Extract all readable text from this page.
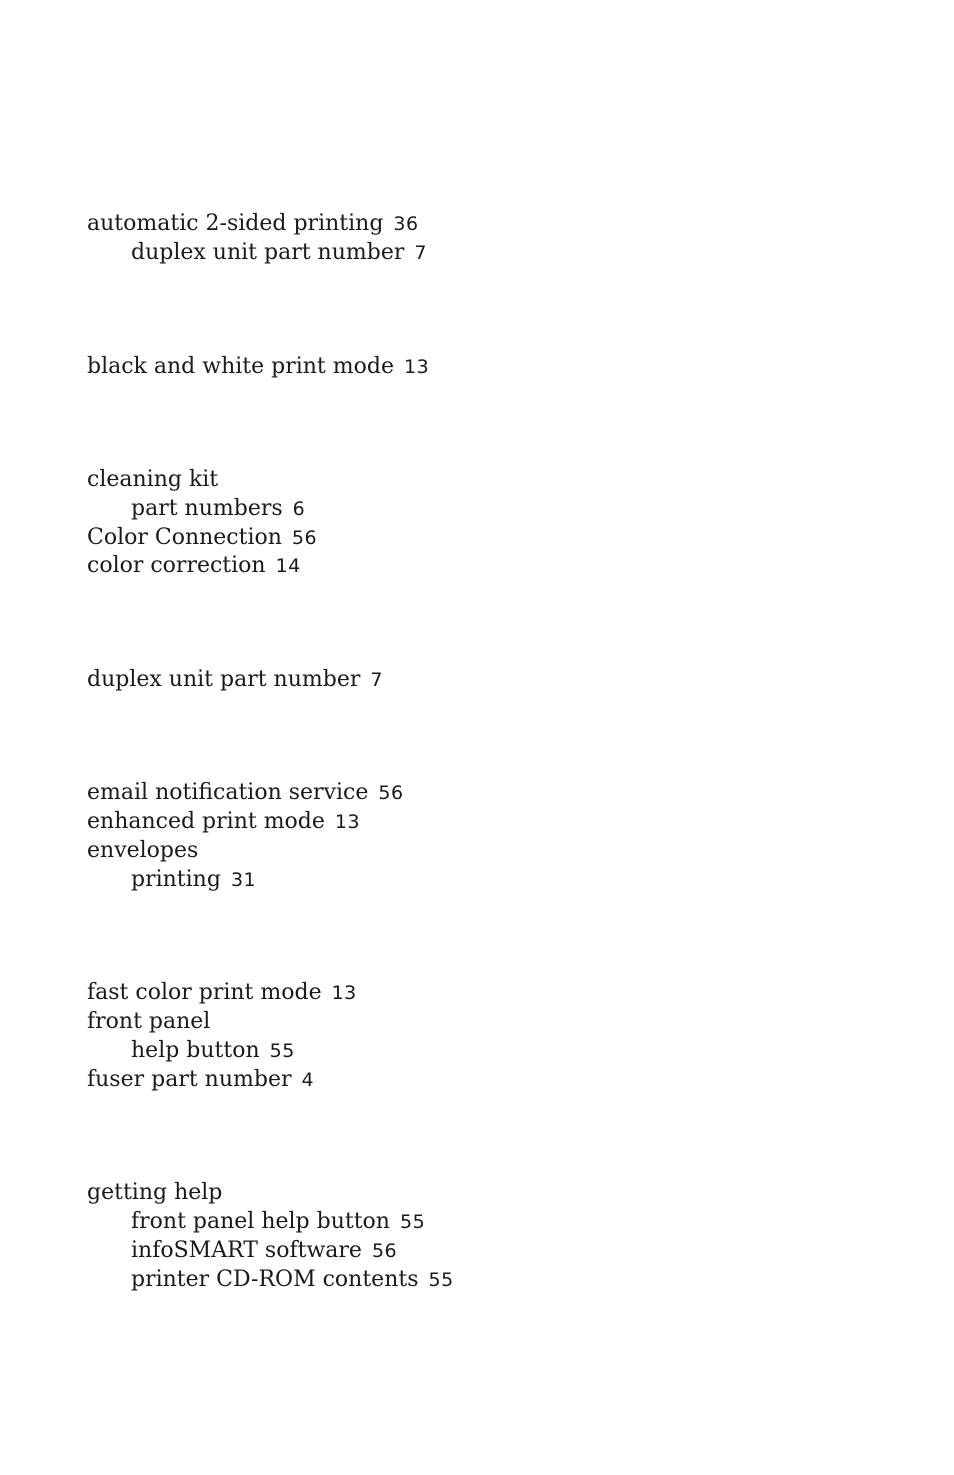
automatic 2-sided printing 36
duplex unit part number 7
black and white print mode 13
cleaning kit
part numbers 6
Color Connection 56
color correction 14
duplex unit part number 7
email notification service 56
enhanced print mode 13
envelopes
printing 31
fast color print mode 13
front panel
help button 55
fuser part number 4
getting help
front panel help button 55
infoSMART software 56
printer CD-ROM contents 55
